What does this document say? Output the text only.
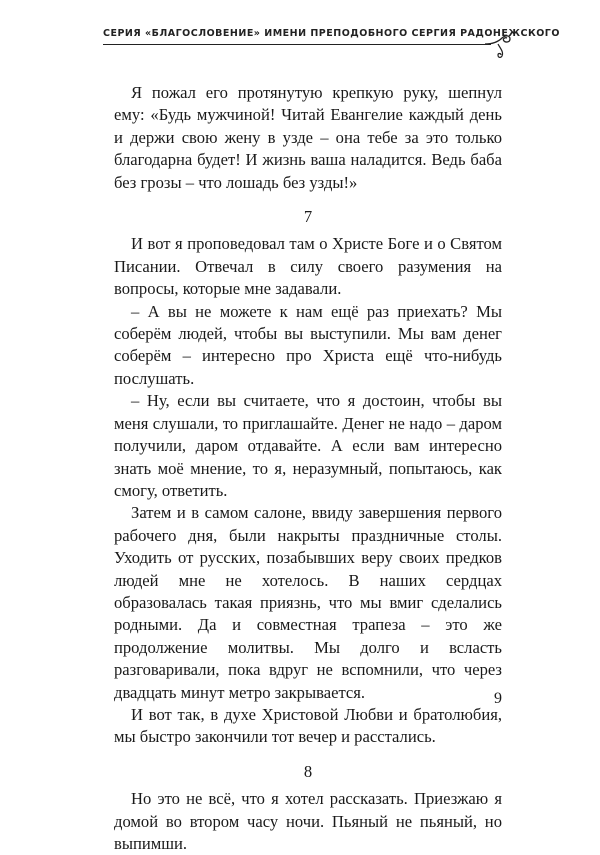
СЕРИЯ «БЛАГОСЛОВЕНИЕ» ИМЕНИ ПРЕПОДОБНОГО СЕРГИЯ РАДОНЕЖСКОГО

Я пожал его протянутую крепкую руку, шепнул ему: «Будь мужчиной! Читай Евангелие каждый день и держи свою жену в узде – она тебе за это только благодарна будет! И жизнь ваша наладится. Ведь баба без грозы – что лошадь без узды!»

7

И вот я проповедовал там о Христе Боге и о Святом Писании. Отвечал в силу своего разумения на вопросы, которые мне задавали.

– А вы не можете к нам ещё раз приехать? Мы соберём людей, чтобы вы выступили. Мы вам денег соберём – интересно про Христа ещё что-нибудь послушать.

– Ну, если вы считаете, что я достоин, чтобы вы меня слушали, то приглашайте. Денег не надо – даром получили, даром отдавайте. А если вам интересно знать моё мнение, то я, неразумный, попытаюсь, как смогу, ответить.

Затем и в самом салоне, ввиду завершения первого рабочего дня, были накрыты праздничные столы. Уходить от русских, позабывших веру своих предков людей мне не хотелось. В наших сердцах образовалась такая приязнь, что мы вмиг сделались родными. Да и совместная трапеза – это же продолжение молитвы. Мы долго и всласть разговаривали, пока вдруг не вспомнили, что через двадцать минут метро закрывается.

И вот так, в духе Христовой Любви и братолюбия, мы быстро закончили тот вечер и расстались.

8

Но это не всё, что я хотел рассказать. Приезжаю я домой во втором часу ночи. Пьяный не пьяный, но выпимши.

9
